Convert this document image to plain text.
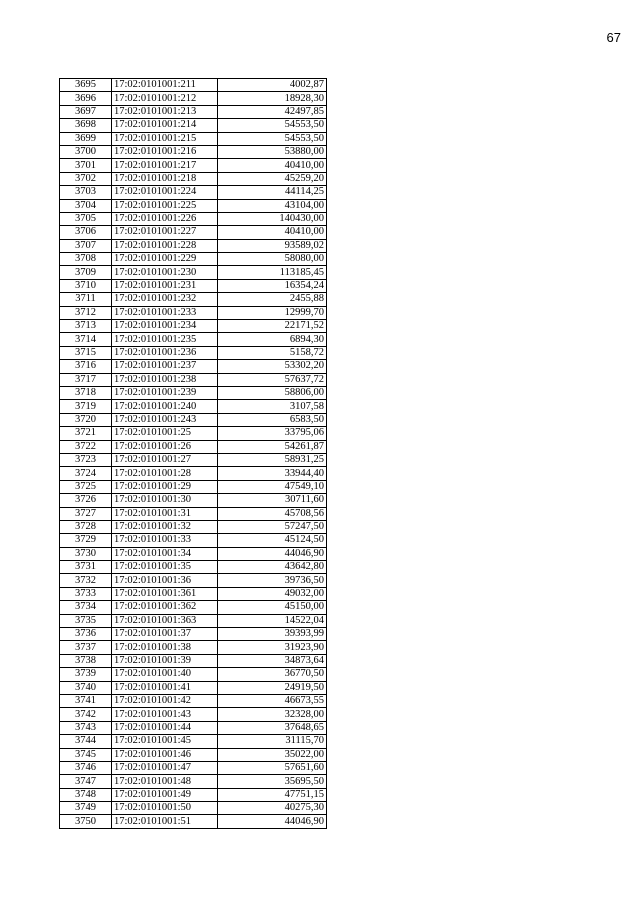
67
3695	17:02:0101001:211	4002,87
3696	17:02:0101001:212	18928,30
3697	17:02:0101001:213	42497,85
3698	17:02:0101001:214	54553,50
3699	17:02:0101001:215	54553,50
3700	17:02:0101001:216	53880,00
3701	17:02:0101001:217	40410,00
3702	17:02:0101001:218	45259,20
3703	17:02:0101001:224	44114,25
3704	17:02:0101001:225	43104,00
3705	17:02:0101001:226	140430,00
3706	17:02:0101001:227	40410,00
3707	17:02:0101001:228	93589,02
3708	17:02:0101001:229	58080,00
3709	17:02:0101001:230	113185,45
3710	17:02:0101001:231	16354,24
3711	17:02:0101001:232	2455,88
3712	17:02:0101001:233	12999,70
3713	17:02:0101001:234	22171,52
3714	17:02:0101001:235	6894,30
3715	17:02:0101001:236	5158,72
3716	17:02:0101001:237	53302,20
3717	17:02:0101001:238	57637,72
3718	17:02:0101001:239	58806,00
3719	17:02:0101001:240	3107,58
3720	17:02:0101001:243	6583,50
3721	17:02:0101001:25	33795,06
3722	17:02:0101001:26	54261,87
3723	17:02:0101001:27	58931,25
3724	17:02:0101001:28	33944,40
3725	17:02:0101001:29	47549,10
3726	17:02:0101001:30	30711,60
3727	17:02:0101001:31	45708,56
3728	17:02:0101001:32	57247,50
3729	17:02:0101001:33	45124,50
3730	17:02:0101001:34	44046,90
3731	17:02:0101001:35	43642,80
3732	17:02:0101001:36	39736,50
3733	17:02:0101001:361	49032,00
3734	17:02:0101001:362	45150,00
3735	17:02:0101001:363	14522,04
3736	17:02:0101001:37	39393,99
3737	17:02:0101001:38	31923,90
3738	17:02:0101001:39	34873,64
3739	17:02:0101001:40	36770,50
3740	17:02:0101001:41	24919,50
3741	17:02:0101001:42	46673,55
3742	17:02:0101001:43	32328,00
3743	17:02:0101001:44	37648,65
3744	17:02:0101001:45	31115,70
3745	17:02:0101001:46	35022,00
3746	17:02:0101001:47	57651,60
3747	17:02:0101001:48	35695,50
3748	17:02:0101001:49	47751,15
3749	17:02:0101001:50	40275,30
3750	17:02:0101001:51	44046,90
